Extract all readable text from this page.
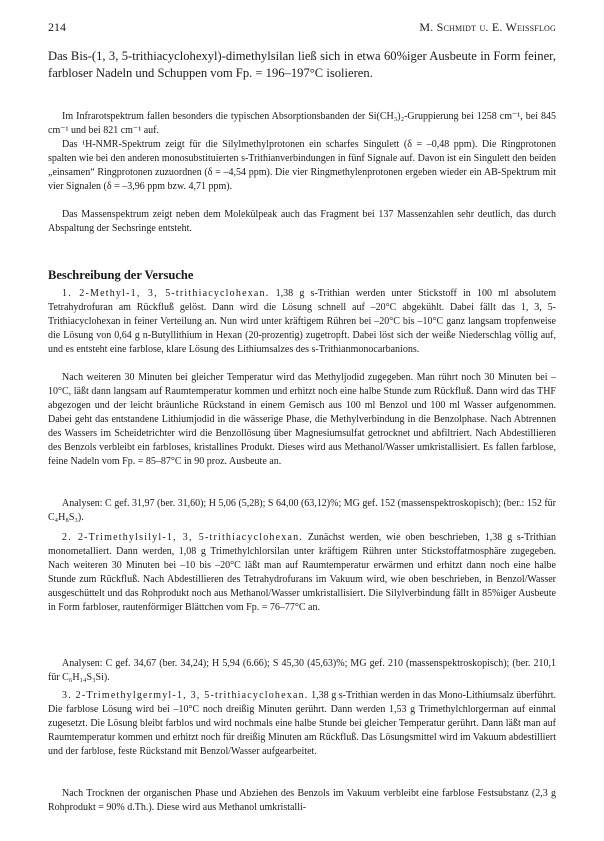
214	M. Schmidt u. E. Weissflog

Das Bis-(1, 3, 5-trithiacyclohexyl)-dimethylsilan ließ sich in etwa 60%iger Ausbeute in Form feiner, farbloser Nadeln und Schuppen vom Fp. = 196–197°C isolieren.

Im Infrarotspektrum fallen besonders die typischen Absorptionsbanden der Si(CH₃)₂-Gruppierung bei 1258 cm⁻¹, bei 845 cm⁻¹ und bei 821 cm⁻¹ auf.

Das ¹H-NMR-Spektrum zeigt für die Silylmethylprotonen ein scharfes Singulett (δ = –0,48 ppm). Die Ringprotonen spalten wie bei den anderen monosubstituierten s-Trithianverbindungen in fünf Signale auf. Davon ist ein Singulett den beiden „einsamen“ Ringprotonen zuzuordnen (δ = –4,54 ppm). Die vier Ringmethylenprotonen ergeben wieder ein AB-Spektrum mit vier Signalen (δ = –3,96 ppm bzw. 4,71 ppm).

Das Massenspektrum zeigt neben dem Molekülpeak auch das Fragment bei 137 Massenzahlen sehr deutlich, das durch Abspaltung der Sechsringe entsteht.

Beschreibung der Versuche

1. 2-Methyl-1, 3, 5-trithiacyclohexan. 1,38 g s-Trithian werden unter Stickstoff in 100 ml absolutem Tetrahydrofuran am Rückfluß gelöst. Dann wird die Lösung schnell auf –20°C abgekühlt. Dabei fällt das 1, 3, 5-Trithiacyclohexan in feiner Verteilung an. Nun wird unter kräftigem Rühren bei –20°C bis –10°C ganz langsam tropfenweise die Lösung von 0,64 g n-Butyllithium in Hexan (20-prozentig) zugetropft. Dabei löst sich der weiße Niederschlag völlig auf, und es entsteht eine farblose, klare Lösung des Lithiumsalzes des s-Trithianmonocarbanions.

Nach weiteren 30 Minuten bei gleicher Temperatur wird das Methyljodid zugegeben. Man rührt noch 30 Minuten bei –10°C, läßt dann langsam auf Raumtemperatur kommen und erhitzt noch eine halbe Stunde zum Rückfluß. Dann wird das THF abgezogen und der leicht bräunliche Rückstand in einem Gemisch aus 100 ml Benzol und 100 ml Wasser aufgenommen. Dabei geht das entstandene Lithiumjodid in die wässerige Phase, die Methylverbindung in die Benzolphase. Nach Abtrennen des Wassers im Scheidetrichter wird die Benzollösung über Magnesiumsulfat getrocknet und abfiltriert. Nach Abdestillieren des Benzols verbleibt ein farbloses, kristallines Produkt. Dieses wird aus Methanol/Wasser umkristallisiert. Es fallen farblose, feine Nadeln vom Fp. = 85–87°C in 90 proz. Ausbeute an.

Analysen: C gef. 31,97 (ber. 31,60); H 5,06 (5,28); S 64,00 (63,12)%; MG gef. 152 (massenspektroskopisch); (ber.: 152 für C₄H₈S₃).

2. 2-Trimethylsilyl-1, 3, 5-trithiacyclohexan. Zunächst werden, wie oben beschrieben, 1,38 g s-Trithian monometalliert. Dann werden, 1,08 g Trimethylchlorsilan unter kräftigem Rühren unter Stickstoffatmosphäre zugegeben. Nach weiteren 30 Minuten bei –10 bis –20°C läßt man auf Raumtemperatur erwärmen und erhitzt dann noch eine halbe Stunde zum Rückfluß. Nach Abdestillieren des Tetrahydrofurans im Vakuum wird, wie oben beschrieben, in Benzol/Wasser ausgeschüttelt und das Rohprodukt noch aus Methanol/Wasser umkristallisiert. Die Silylverbindung fällt in 85%iger Ausbeute in Form farbloser, rautenförmiger Blättchen vom Fp. = 76–77°C an.

Analysen: C gef. 34,67 (ber. 34,24); H 5,94 (6.66); S 45,30 (45,63)%; MG gef. 210 (massenspektroskopisch); (ber. 210,1 für C₆H₁₄S₃Si).

3. 2-Trimethylgermyl-1, 3, 5-trithiacyclohexan. 1,38 g s-Trithian werden in das Mono-Lithiumsalz überführt. Die farblose Lösung wird bei –10°C noch dreißig Minuten gerührt. Dann werden 1,53 g Trimethylchlorgerman auf einmal zugesetzt. Die Lösung bleibt farblos und wird nochmals eine halbe Stunde bei gleicher Temperatur gerührt. Dann läßt man auf Raumtemperatur kommen und erhitzt noch für dreißig Minuten am Rückfluß. Das Lösungsmittel wird im Vakuum abdestilliert und der farblose, feste Rückstand mit Benzol/Wasser aufgearbeitet.

Nach Trocknen der organischen Phase und Abziehen des Benzols im Vakuum verbleibt eine farblose Festsubstanz (2,3 g Rohprodukt = 90% d.Th.). Diese wird aus Methanol umkristalli-
